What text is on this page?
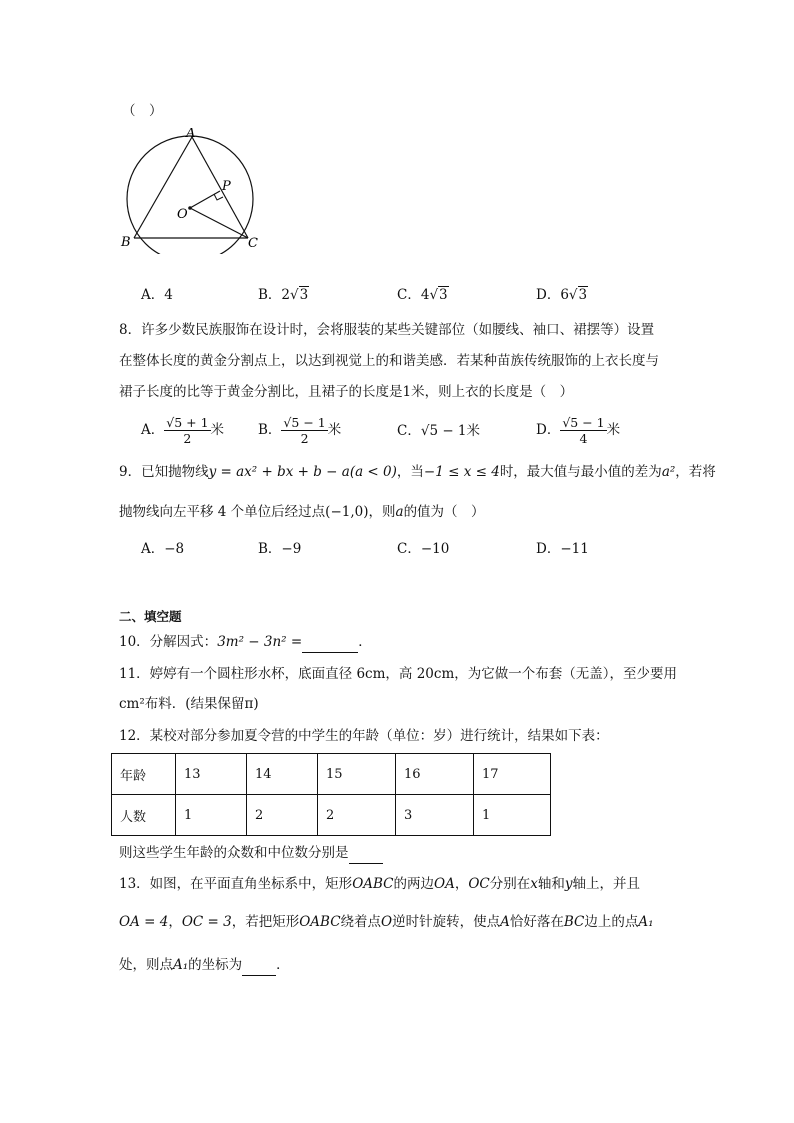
（　）
A
P
O
B	C
A．4	B．2√3	C．4√3	D．6√3
8．许多少数民族服饰在设计时，会将服装的某些关键部位（如腰线、袖口、裙摆等）设置
在整体长度的黄金分割点上，以达到视觉上的和谐美感．若某种苗族传统服饰的上衣长度与
裙子长度的比等于黄金分割比，且裙子的长度是1米，则上衣的长度是（　）
A． $\frac{√5 + 1}{2}$ 米	B． $\frac{√5 - 1}{2}$ 米	C．√5 − 1米	D． $\frac{√5 - 1}{4}$ 米
9．已知抛物线y = ax² + bx + b − a(a < 0)，当−1 ≤ x ≤ 4时，最大值与最小值的差为a²，若将
抛物线向左平移 4 个单位后经过点(−1,0)，则a的值为（　）
A．−8	B．−9	C．−10	D．−11
二、填空题
10．分解因式：3m² − 3n² =	．
11．婷婷有一个圆柱形水杯，底面直径 6cm，高 20cm，为它做一个布套（无盖），至少要用
cm²布料．(结果保留π)
12．某校对部分参加夏令营的中学生的年龄（单位：岁）进行统计，结果如下表：
年龄	13	14	15	16	17
人数	1	2	2	3	1
则这些学生年龄的众数和中位数分别是
13．如图，在平面直角坐标系中，矩形OABC的两边OA，OC分别在x轴和y轴上，并且
OA = 4，OC = 3，若把矩形OABC绕着点O逆时针旋转，使点A恰好落在BC边上的点A₁
处，则点A₁的坐标为	．
